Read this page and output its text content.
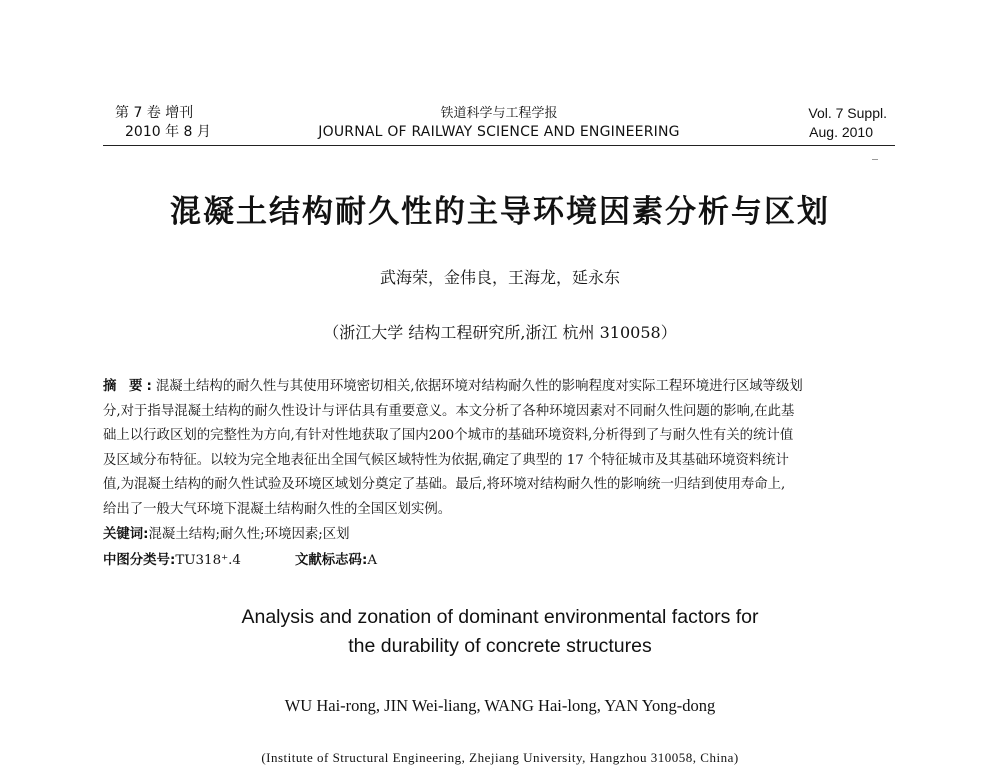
第 7 卷 增刊
2010 年 8 月
铁道科学与工程学报
JOURNAL OF RAILWAY SCIENCE AND ENGINEERING
Vol. 7 Suppl.
Aug. 2010
混凝土结构耐久性的主导环境因素分析与区划
武海荣，金伟良，王海龙，延永东
（浙江大学 结构工程研究所,浙江 杭州 310058）
摘 要:混凝土结构的耐久性与其使用环境密切相关,依据环境对结构耐久性的影响程度对实际工程环境进行区域等级划
分,对于指导混凝土结构的耐久性设计与评估具有重要意义。本文分析了各种环境因素对不同耐久性问题的影响,在此基
础上以行政区划的完整性为方向,有针对性地获取了国内200个城市的基础环境资料,分析得到了与耐久性有关的统计值
及区域分布特征。以较为完全地表征出全国气候区域特性为依据,确定了典型的 17 个特征城市及其基础环境资料统计
值,为混凝土结构的耐久性试验及环境区域划分奠定了基础。最后,将环境对结构耐久性的影响统一归结到使用寿命上,
给出了一般大气环境下混凝土结构耐久性的全国区划实例。
关键词:混凝土结构;耐久性;环境因素;区划
中图分类号:TU318⁺.4	文献标志码:A
Analysis and zonation of dominant environmental factors for
the durability of concrete structures
WU Hai-rong, JIN Wei-liang, WANG Hai-long, YAN Yong-dong
(Institute of Structural Engineering, Zhejiang University, Hangzhou 310058, China)
